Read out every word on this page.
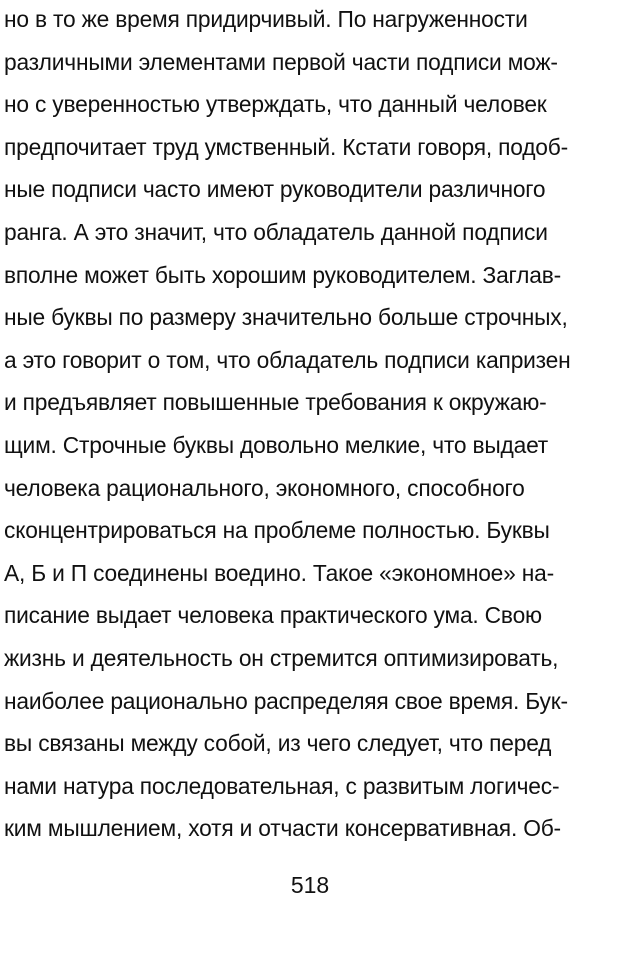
но в то же время придирчивый. По нагруженности
различными элементами первой части подписи мож-
но с уверенностью утверждать, что данный человек
предпочитает труд умственный. Кстати говоря, подоб-
ные подписи часто имеют руководители различного
ранга. А это значит, что обладатель данной подписи
вполне может быть хорошим руководителем. Заглав-
ные буквы по размеру значительно больше строчных,
а это говорит о том, что обладатель подписи капризен
и предъявляет повышенные требования к окружаю-
щим. Строчные буквы довольно мелкие, что выдает
человека рационального, экономного, способного
сконцентрироваться на проблеме полностью. Буквы
А, Б и П соединены воедино. Такое «экономное» на-
писание выдает человека практического ума. Свою
жизнь и деятельность он стремится оптимизировать,
наиболее рационально распределяя свое время. Бук-
вы связаны между собой, из чего следует, что перед
нами натура последовательная, с развитым логичес-
ким мышлением, хотя и отчасти консервативная. Об-
518
